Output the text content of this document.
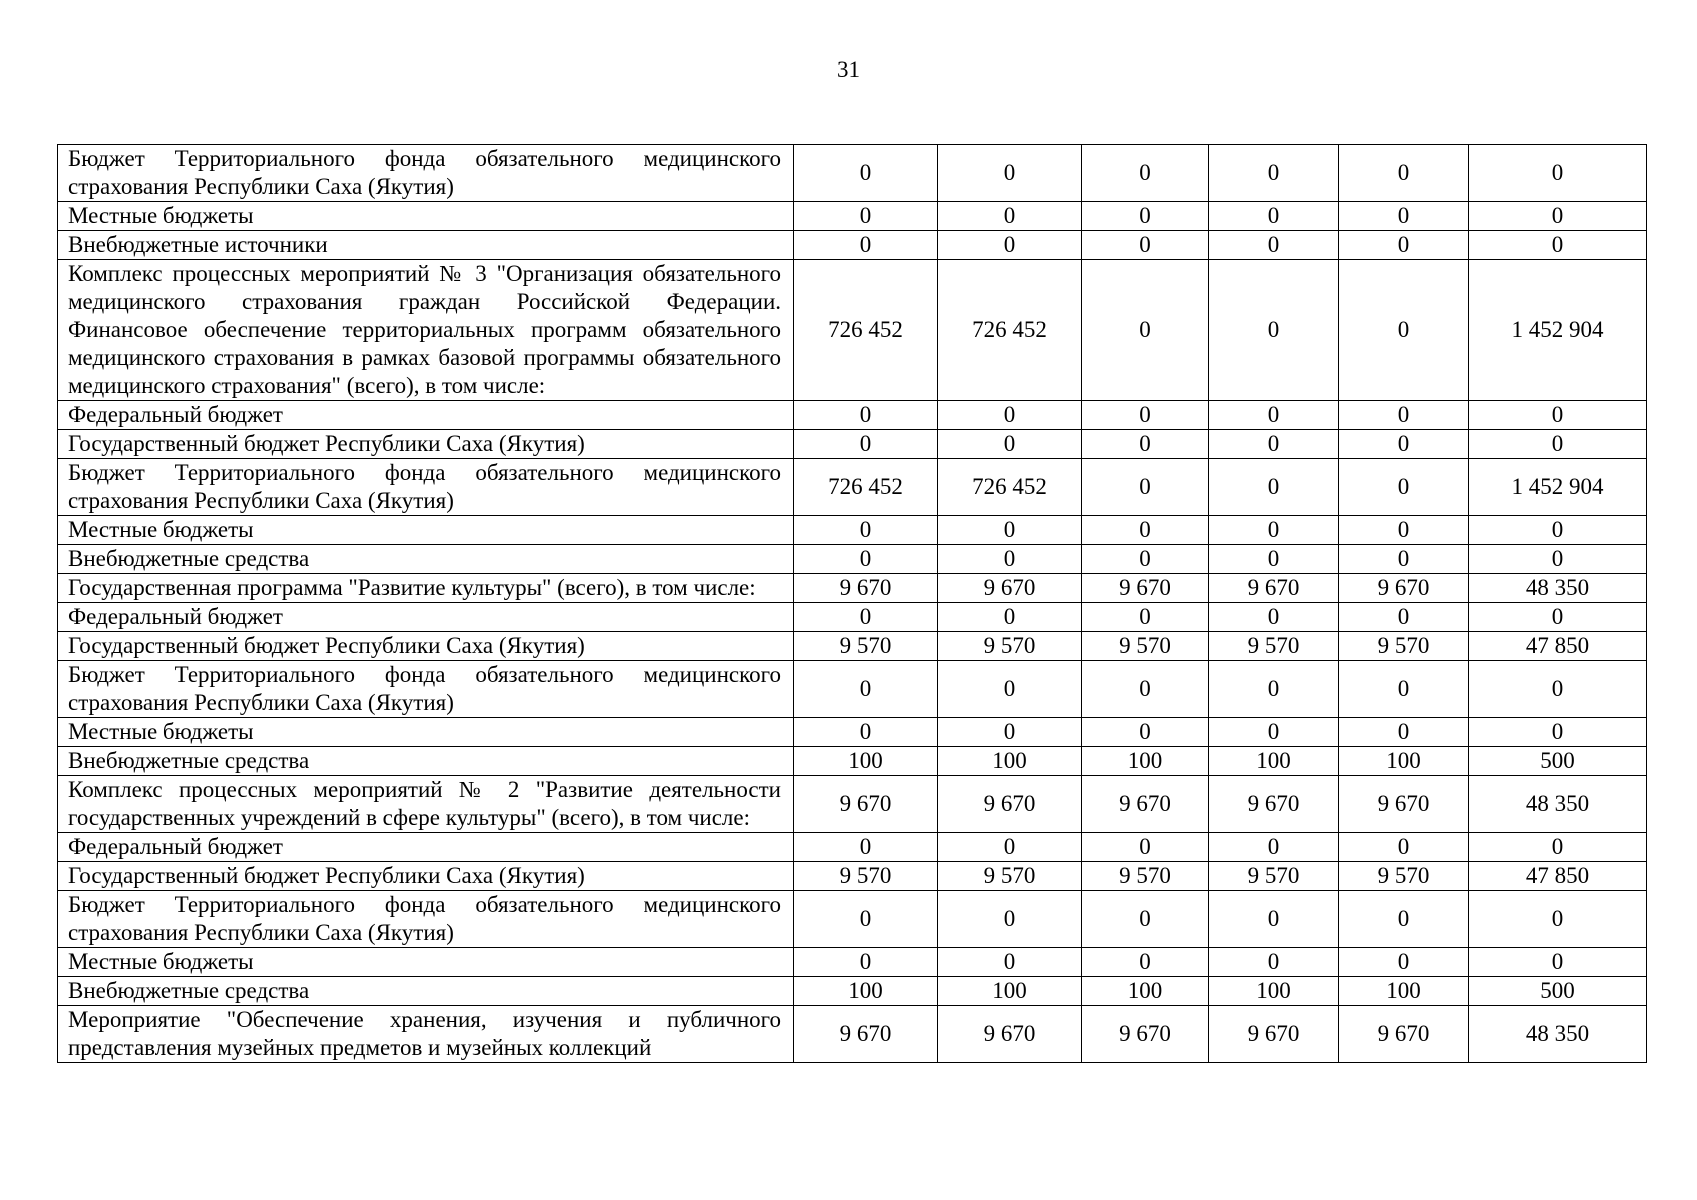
31
Бюджет Территориального фонда обязательного медицинского страхования Республики Саха (Якутия)	0	0	0	0	0	0
Местные бюджеты	0	0	0	0	0	0
Внебюджетные источники	0	0	0	0	0	0
Комплекс процессных мероприятий № 3 "Организация обязательного медицинского страхования граждан Российской Федерации. Финансовое обеспечение территориальных программ обязательного медицинского страхования в рамках базовой программы обязательного медицинского страхования" (всего), в том числе:	726 452	726 452	0	0	0	1 452 904
Федеральный бюджет	0	0	0	0	0	0
Государственный бюджет Республики Саха (Якутия)	0	0	0	0	0	0
Бюджет Территориального фонда обязательного медицинского страхования Республики Саха (Якутия)	726 452	726 452	0	0	0	1 452 904
Местные бюджеты	0	0	0	0	0	0
Внебюджетные средства	0	0	0	0	0	0
Государственная программа "Развитие культуры" (всего), в том числе:	9 670	9 670	9 670	9 670	9 670	48 350
Федеральный бюджет	0	0	0	0	0	0
Государственный бюджет Республики Саха (Якутия)	9 570	9 570	9 570	9 570	9 570	47 850
Бюджет Территориального фонда обязательного медицинского страхования Республики Саха (Якутия)	0	0	0	0	0	0
Местные бюджеты	0	0	0	0	0	0
Внебюджетные средства	100	100	100	100	100	500
Комплекс процессных мероприятий № 2 "Развитие деятельности государственных учреждений в сфере культуры" (всего), в том числе:	9 670	9 670	9 670	9 670	9 670	48 350
Федеральный бюджет	0	0	0	0	0	0
Государственный бюджет Республики Саха (Якутия)	9 570	9 570	9 570	9 570	9 570	47 850
Бюджет Территориального фонда обязательного медицинского страхования Республики Саха (Якутия)	0	0	0	0	0	0
Местные бюджеты	0	0	0	0	0	0
Внебюджетные средства	100	100	100	100	100	500
Мероприятие "Обеспечение хранения, изучения и публичного представления музейных предметов и музейных коллекций	9 670	9 670	9 670	9 670	9 670	48 350
